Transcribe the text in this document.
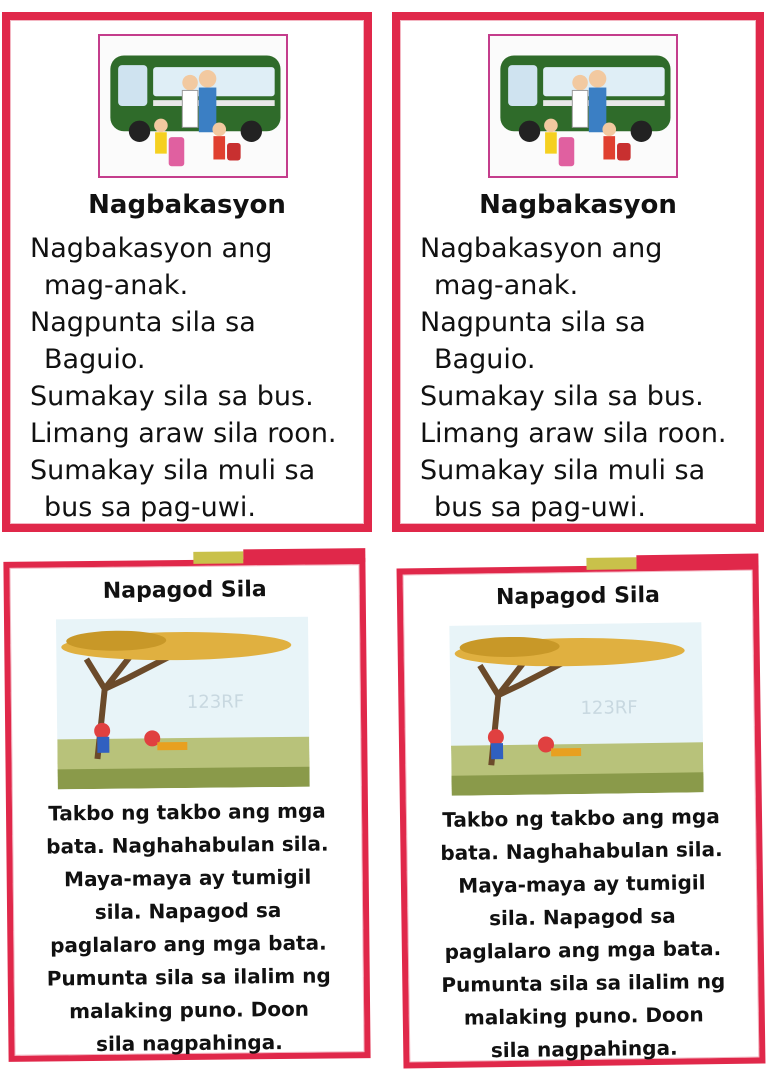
Nagbakasyon
Nagbakasyon ang
mag-anak.
Nagpunta sila sa
Baguio.
Sumakay sila sa bus.
Limang araw sila roon.
Sumakay sila muli sa
bus sa pag-uwi.
Nagbakasyon
Nagbakasyon ang
mag-anak.
Nagpunta sila sa
Baguio.
Sumakay sila sa bus.
Limang araw sila roon.
Sumakay sila muli sa
bus sa pag-uwi.
Napagod Sila
123RF
Takbo ng takbo ang mga
bata. Naghahabulan sila.
Maya-maya ay tumigil
sila. Napagod sa
paglalaro ang mga bata.
Pumunta sila sa ilalim ng
malaking puno. Doon
sila nagpahinga.
Napagod Sila
123RF
Takbo ng takbo ang mga
bata. Naghahabulan sila.
Maya-maya ay tumigil
sila. Napagod sa
paglalaro ang mga bata.
Pumunta sila sa ilalim ng
malaking puno. Doon
sila nagpahinga.
